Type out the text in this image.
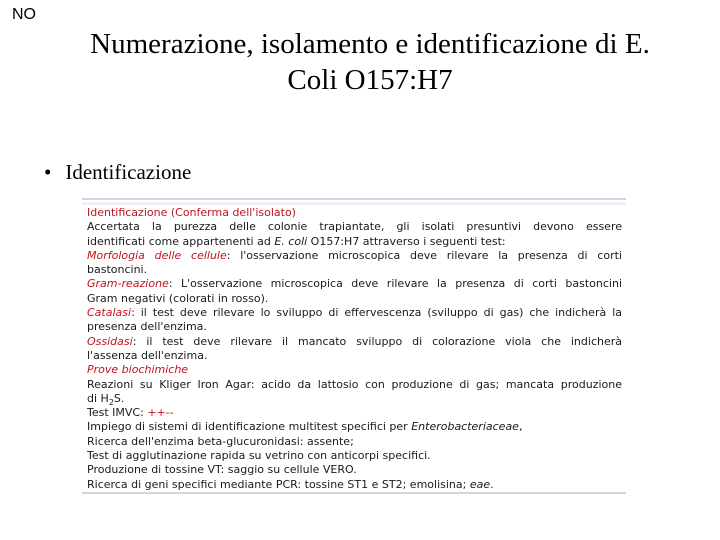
NO
Numerazione, isolamento e identificazione di E.
Coli O157:H7
• Identificazione
Identificazione (Conferma dell'isolato)
Accertata la purezza delle colonie trapiantate, gli isolati presuntivi devono essere
identificati come appartenenti ad E. coli O157:H7 attraverso i seguenti test:
Morfologia delle cellule: l'osservazione microscopica deve rilevare la presenza di corti
bastoncini.
Gram-reazione: L'osservazione microscopica deve rilevare la presenza di corti bastoncini
Gram negativi (colorati in rosso).
Catalasi: il test deve rilevare lo sviluppo di effervescenza (sviluppo di gas) che indicherà la
presenza dell'enzima.
Ossidasi: il test deve rilevare il mancato sviluppo di colorazione viola che indicherà
l'assenza dell'enzima.
Prove biochimiche
Reazioni su Kliger Iron Agar: acido da lattosio con produzione di gas; mancata produzione
di $H_2S$.
Test IMVC: ++--
Impiego di sistemi di identificazione multitest specifici per Enterobacteriaceae,
Ricerca dell'enzima beta-glucuronidasi: assente;
Test di agglutinazione rapida su vetrino con anticorpi specifici.
Produzione di tossine VT: saggio su cellule VERO.
Ricerca di geni specifici mediante PCR: tossine ST1 e ST2; emolisina; eae.
